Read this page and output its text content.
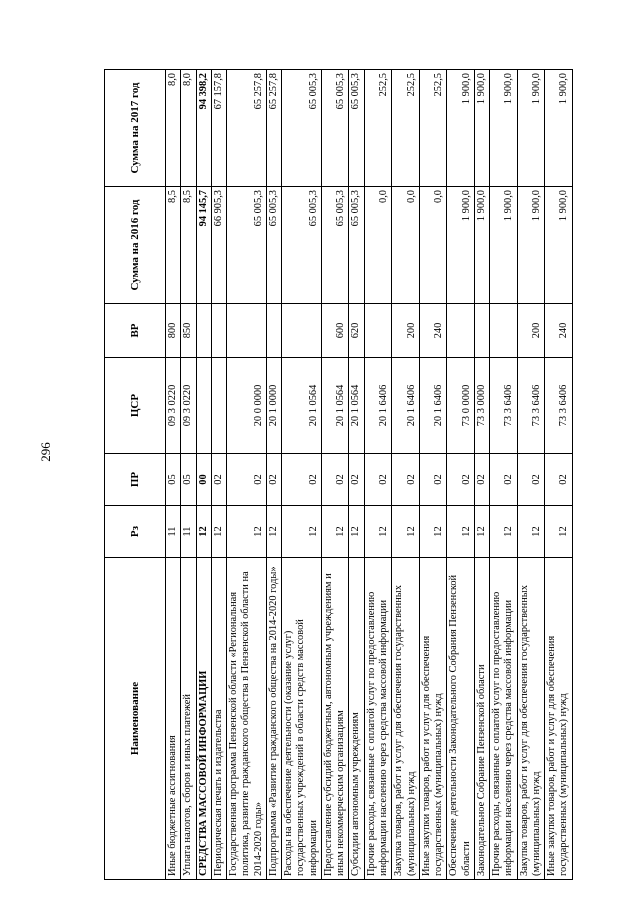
296
Наименование	Рз	ПР	ЦСР	ВР	Сумма на 2016 год	Сумма на 2017 год
Иные бюджетные ассигнования	11	05	09 3 0220	800	8,5	8,0
Уплата налогов, сборов и иных платежей	11	05	09 3 0220	850	8,5	8,0
СРЕДСТВА МАССОВОЙ ИНФОРМАЦИИ	12	00			94 145,7	94 398,2
Периодическая печать и издательства	12	02			66 905,3	67 157,8
Государственная программа Пензенской области «Региональная политика, развитие гражданского общества в Пензенской области на 2014-2020 годы»	12	02	20 0 0000		65 005,3	65 257,8
Подпрограмма «Развитие гражданского общества на 2014-2020 годы»	12	02	20 1 0000		65 005,3	65 257,8
Расходы на обеспечение деятельности (оказание услуг) государственных учреждений в области средств массовой информации	12	02	20 1 0564		65 005,3	65 005,3
Предоставление субсидий бюджетным, автономным учреждениям и иным некоммерческим организациям	12	02	20 1 0564	600	65 005,3	65 005,3
Субсидии автономным учреждениям	12	02	20 1 0564	620	65 005,3	65 005,3
Прочие расходы, связанные с оплатой услуг по предоставлению информации населению через средства массовой информации	12	02	20 1 6406		0,0	252,5
Закупка товаров, работ и услуг для обеспечения государственных (муниципальных) нужд	12	02	20 1 6406	200	0,0	252,5
Иные закупки товаров, работ и услуг для обеспечения государственных (муниципальных) нужд	12	02	20 1 6406	240	0,0	252,5
Обеспечение деятельности Законодательного Собрания Пензенской области	12	02	73 0 0000		1 900,0	1 900,0
Законодательное Собрание Пензенской области	12	02	73 3 0000		1 900,0	1 900,0
Прочие расходы, связанные с оплатой услуг по предоставлению информации населению через средства массовой информации	12	02	73 3 6406		1 900,0	1 900,0
Закупка товаров, работ и услуг для обеспечения государственных (муниципальных) нужд	12	02	73 3 6406	200	1 900,0	1 900,0
Иные закупки товаров, работ и услуг для обеспечения государственных (муниципальных) нужд	12	02	73 3 6406	240	1 900,0	1 900,0
